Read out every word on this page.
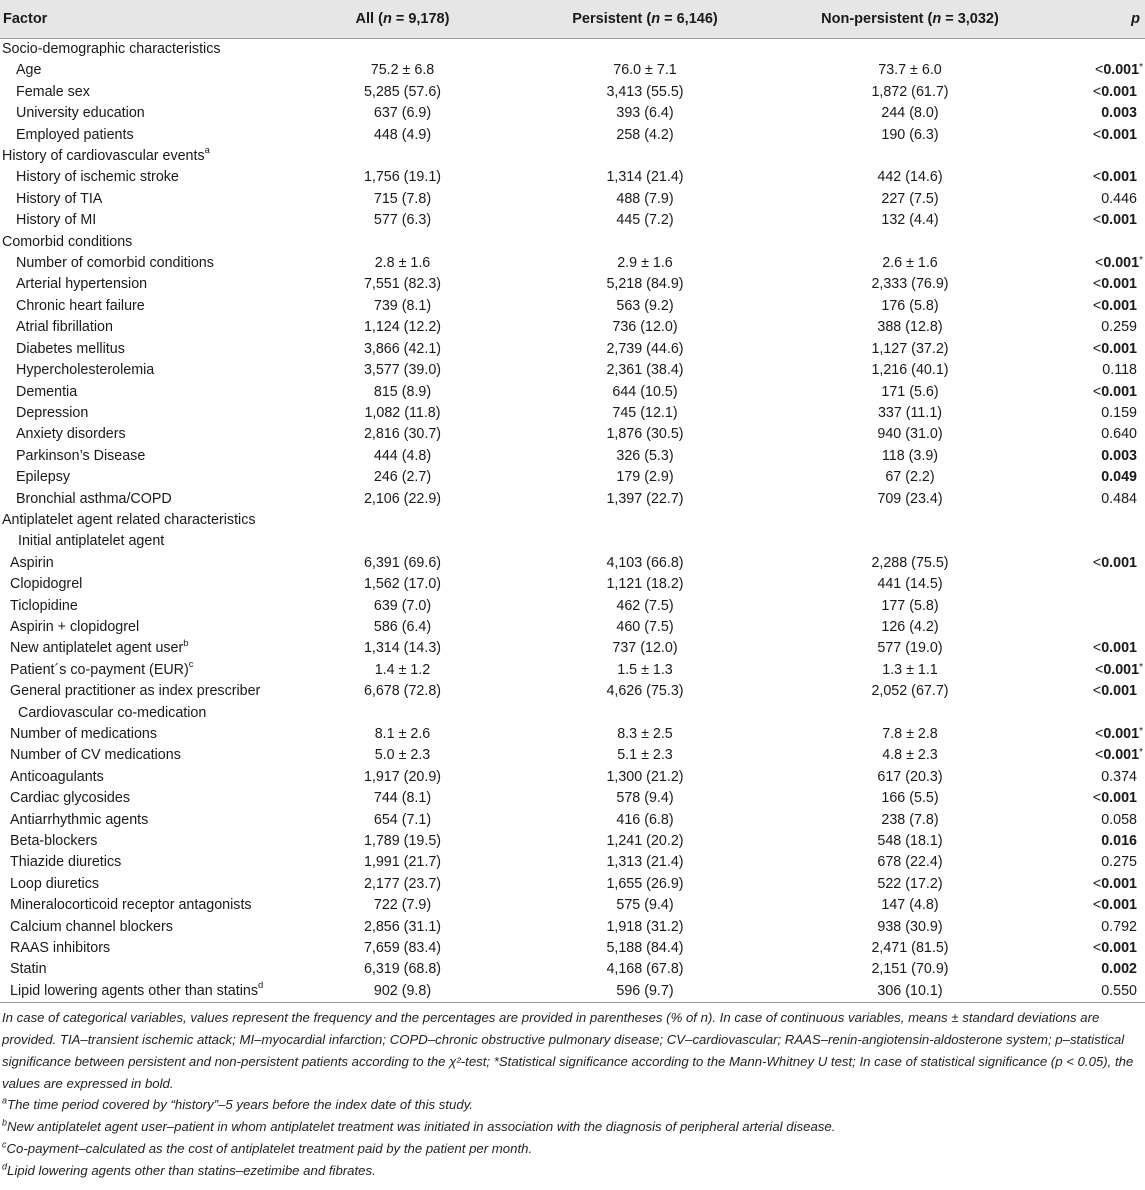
Factor	All (n = 9,178)	Persistent (n = 6,146)	Non-persistent (n = 3,032)	p
Socio-demographic characteristics				
Age	75.2 ± 6.8	76.0 ± 7.1	73.7 ± 6.0	<0.001*
Female sex	5,285 (57.6)	3,413 (55.5)	1,872 (61.7)	<0.001
University education	637 (6.9)	393 (6.4)	244 (8.0)	0.003
Employed patients	448 (4.9)	258 (4.2)	190 (6.3)	<0.001
History of cardiovascular events$^a$				
History of ischemic stroke	1,756 (19.1)	1,314 (21.4)	442 (14.6)	<0.001
History of TIA	715 (7.8)	488 (7.9)	227 (7.5)	0.446
History of MI	577 (6.3)	445 (7.2)	132 (4.4)	<0.001
Comorbid conditions				
Number of comorbid conditions	2.8 ± 1.6	2.9 ± 1.6	2.6 ± 1.6	<0.001*
Arterial hypertension	7,551 (82.3)	5,218 (84.9)	2,333 (76.9)	<0.001
Chronic heart failure	739 (8.1)	563 (9.2)	176 (5.8)	<0.001
Atrial fibrillation	1,124 (12.2)	736 (12.0)	388 (12.8)	0.259
Diabetes mellitus	3,866 (42.1)	2,739 (44.6)	1,127 (37.2)	<0.001
Hypercholesterolemia	3,577 (39.0)	2,361 (38.4)	1,216 (40.1)	0.118
Dementia	815 (8.9)	644 (10.5)	171 (5.6)	<0.001
Depression	1,082 (11.8)	745 (12.1)	337 (11.1)	0.159
Anxiety disorders	2,816 (30.7)	1,876 (30.5)	940 (31.0)	0.640
Parkinson’s Disease	444 (4.8)	326 (5.3)	118 (3.9)	0.003
Epilepsy	246 (2.7)	179 (2.9)	67 (2.2)	0.049
Bronchial asthma/COPD	2,106 (22.9)	1,397 (22.7)	709 (23.4)	0.484
Antiplatelet agent related characteristics				
Initial antiplatelet agent				
Aspirin	6,391 (69.6)	4,103 (66.8)	2,288 (75.5)	<0.001
Clopidogrel	1,562 (17.0)	1,121 (18.2)	441 (14.5)	
Ticlopidine	639 (7.0)	462 (7.5)	177 (5.8)	
Aspirin + clopidogrel	586 (6.4)	460 (7.5)	126 (4.2)	
New antiplatelet agent user$^b$	1,314 (14.3)	737 (12.0)	577 (19.0)	<0.001
Patient´s co-payment (EUR)$^c$	1.4 ± 1.2	1.5 ± 1.3	1.3 ± 1.1	<0.001*
General practitioner as index prescriber	6,678 (72.8)	4,626 (75.3)	2,052 (67.7)	<0.001
Cardiovascular co-medication				
Number of medications	8.1 ± 2.6	8.3 ± 2.5	7.8 ± 2.8	<0.001*
Number of CV medications	5.0 ± 2.3	5.1 ± 2.3	4.8 ± 2.3	<0.001*
Anticoagulants	1,917 (20.9)	1,300 (21.2)	617 (20.3)	0.374
Cardiac glycosides	744 (8.1)	578 (9.4)	166 (5.5)	<0.001
Antiarrhythmic agents	654 (7.1)	416 (6.8)	238 (7.8)	0.058
Beta-blockers	1,789 (19.5)	1,241 (20.2)	548 (18.1)	0.016
Thiazide diuretics	1,991 (21.7)	1,313 (21.4)	678 (22.4)	0.275
Loop diuretics	2,177 (23.7)	1,655 (26.9)	522 (17.2)	<0.001
Mineralocorticoid receptor antagonists	722 (7.9)	575 (9.4)	147 (4.8)	<0.001
Calcium channel blockers	2,856 (31.1)	1,918 (31.2)	938 (30.9)	0.792
RAAS inhibitors	7,659 (83.4)	5,188 (84.4)	2,471 (81.5)	<0.001
Statin	6,319 (68.8)	4,168 (67.8)	2,151 (70.9)	0.002
Lipid lowering agents other than statins$^d$	902 (9.8)	596 (9.7)	306 (10.1)	0.550

In case of categorical variables, values represent the frequency and the percentages are provided in parentheses (% of n). In case of continuous variables, means ± standard deviations are provided. TIA–transient ischemic attack; MI–myocardial infarction; COPD–chronic obstructive pulmonary disease; CV–cardiovascular; RAAS–renin-angiotensin-aldosterone system; p–statistical significance between persistent and non-persistent patients according to the χ²-test; *Statistical significance according to the Mann-Whitney U test; In case of statistical significance (p < 0.05), the values are expressed in bold.

$^a$The time period covered by “history”–5 years before the index date of this study.

$^b$New antiplatelet agent user–patient in whom antiplatelet treatment was initiated in association with the diagnosis of peripheral arterial disease.

$^c$Co-payment–calculated as the cost of antiplatelet treatment paid by the patient per month.

$^d$Lipid lowering agents other than statins–ezetimibe and fibrates.
